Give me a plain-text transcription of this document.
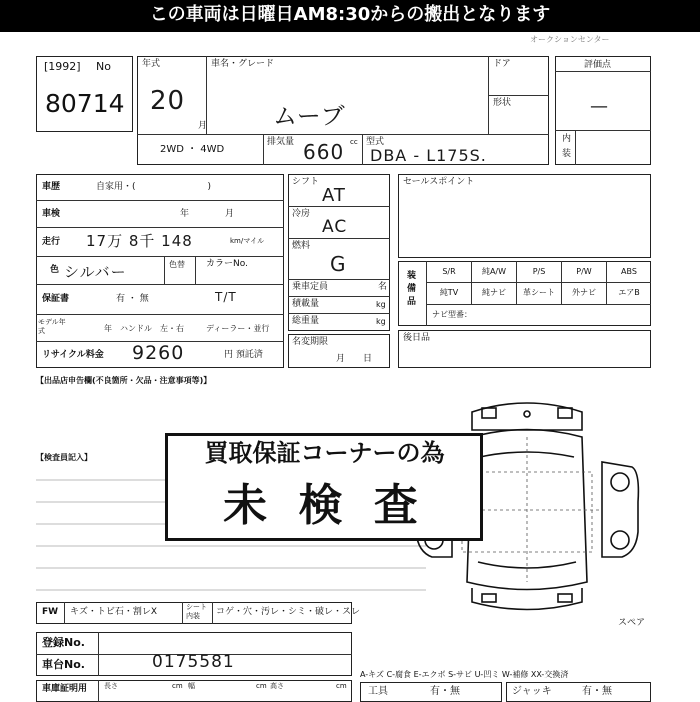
この車両は日曜日AM8:30からの搬出となります
オークションセンター
[1992] No
80714
年式
20
月
車名・グレード
ムーブ
ドア
形状
2WD ・ 4WD
排気量	cc
660 型式
DBA - L175S.
評価点
—
内
装
車歴	自家用・(　　　　　　　　)
車検	年　　　　月
走行 17万 8千 148	km/マイル
色 シルバー	色替	カラーNo.
保証書	有 ・ 無	T/T
モデル年式	年 ハンドル 左・右	ディーラー・並行
リサイクル料金 9260	円 預託済
シフト
AT
冷房
AC
燃料
G
乗車定員	名
積載量	kg
総重量	kg
名変期限
月　　日
セールスポイント
装備品
S/R	純A/W	P/S	P/W	ABS
純TV	純ナビ	革シート	外ナビ	エアB
ナビ型番：
後日品
【出品店申告欄(不良箇所・欠品・注意事項等)】
【検査員記入】
スペア
買取保証コーナーの為
未 検 査
FW キズ・トビ石・割レX	シート内装	コゲ・穴・汚レ・シミ・破レ・スレ
登録No.
車台No.	0175581
車庫証明用 長さ	cm 幅	cm 高さ	cm
A-キズ C-腐食 E-エクボ S-サビ U-凹ミ W-補修 XX-交換済
工具	有・無	ジャッキ	有・無
